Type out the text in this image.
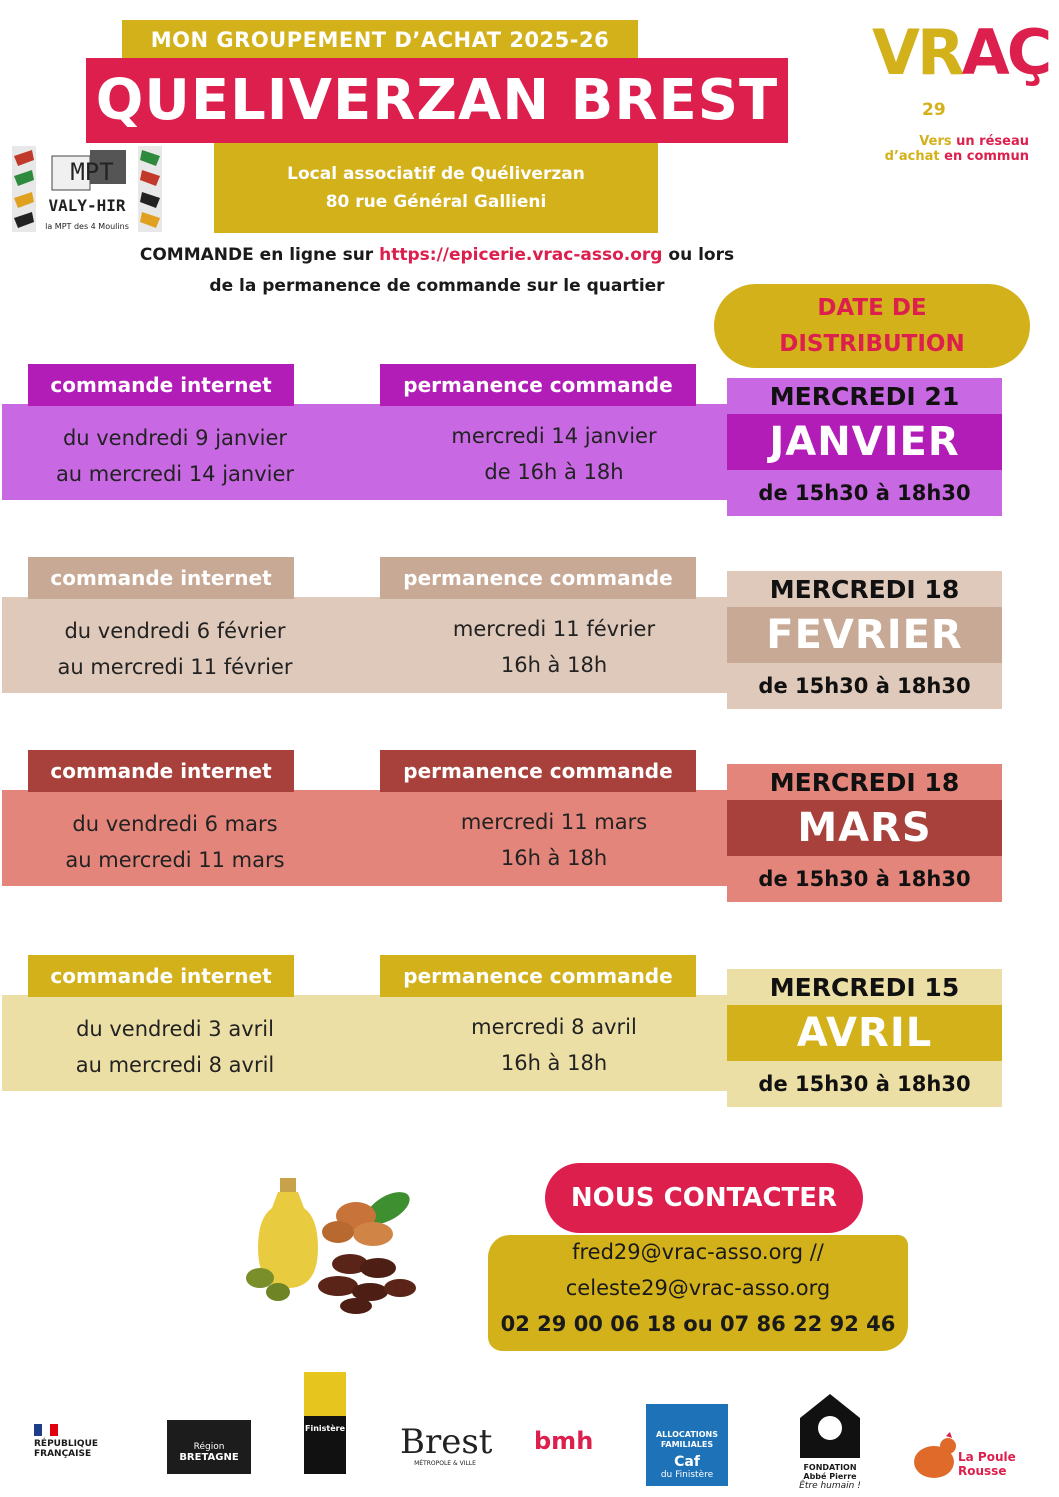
MON GROUPEMENT D’ACHAT 2025-26
QUELIVERZAN BREST
Local associatif de Quéliverzan
80 rue Général Gallieni
COMMANDE en ligne sur https://epicerie.vrac-asso.org ou lors
de la permanence de commande sur le quartier
VRAÇ
29
Vers un réseau
d’achat en commun
MPT
VALY-HIR
la MPT des 4 Moulins
DATE DE
DISTRIBUTION
commande internet	permanence commande
du vendredi 9 janvier
au mercredi 14 janvier
mercredi 14 janvier
de 16h à 18h
MERCREDI 21
JANVIER
de 15h30 à 18h30
commande internet	permanence commande
du vendredi 6 février
au mercredi 11 février
mercredi 11 février
16h à 18h
MERCREDI 18
FEVRIER
de 15h30 à 18h30
commande internet	permanence commande
du vendredi 6 mars
au mercredi 11 mars
mercredi 11 mars
16h à 18h
MERCREDI 18
MARS
de 15h30 à 18h30
commande internet	permanence commande
du vendredi 3 avril
au mercredi 8 avril
mercredi 8 avril
16h à 18h
MERCREDI 15
AVRIL
de 15h30 à 18h30
NOUS CONTACTER
fred29@vrac-asso.org //
celeste29@vrac-asso.org
02 29 00 06 18 ou 07 86 22 92 46
RÉPUBLIQUE FRANÇAISE
Région
BRETAGNE
Finistère Brest
MÉTROPOLE & VILLE
bmh	ALLOCATIONS FAMILIALES
Caf
du Finistère
FONDATION
Abbé Pierre
Être humain !
La Poule
Rousse
